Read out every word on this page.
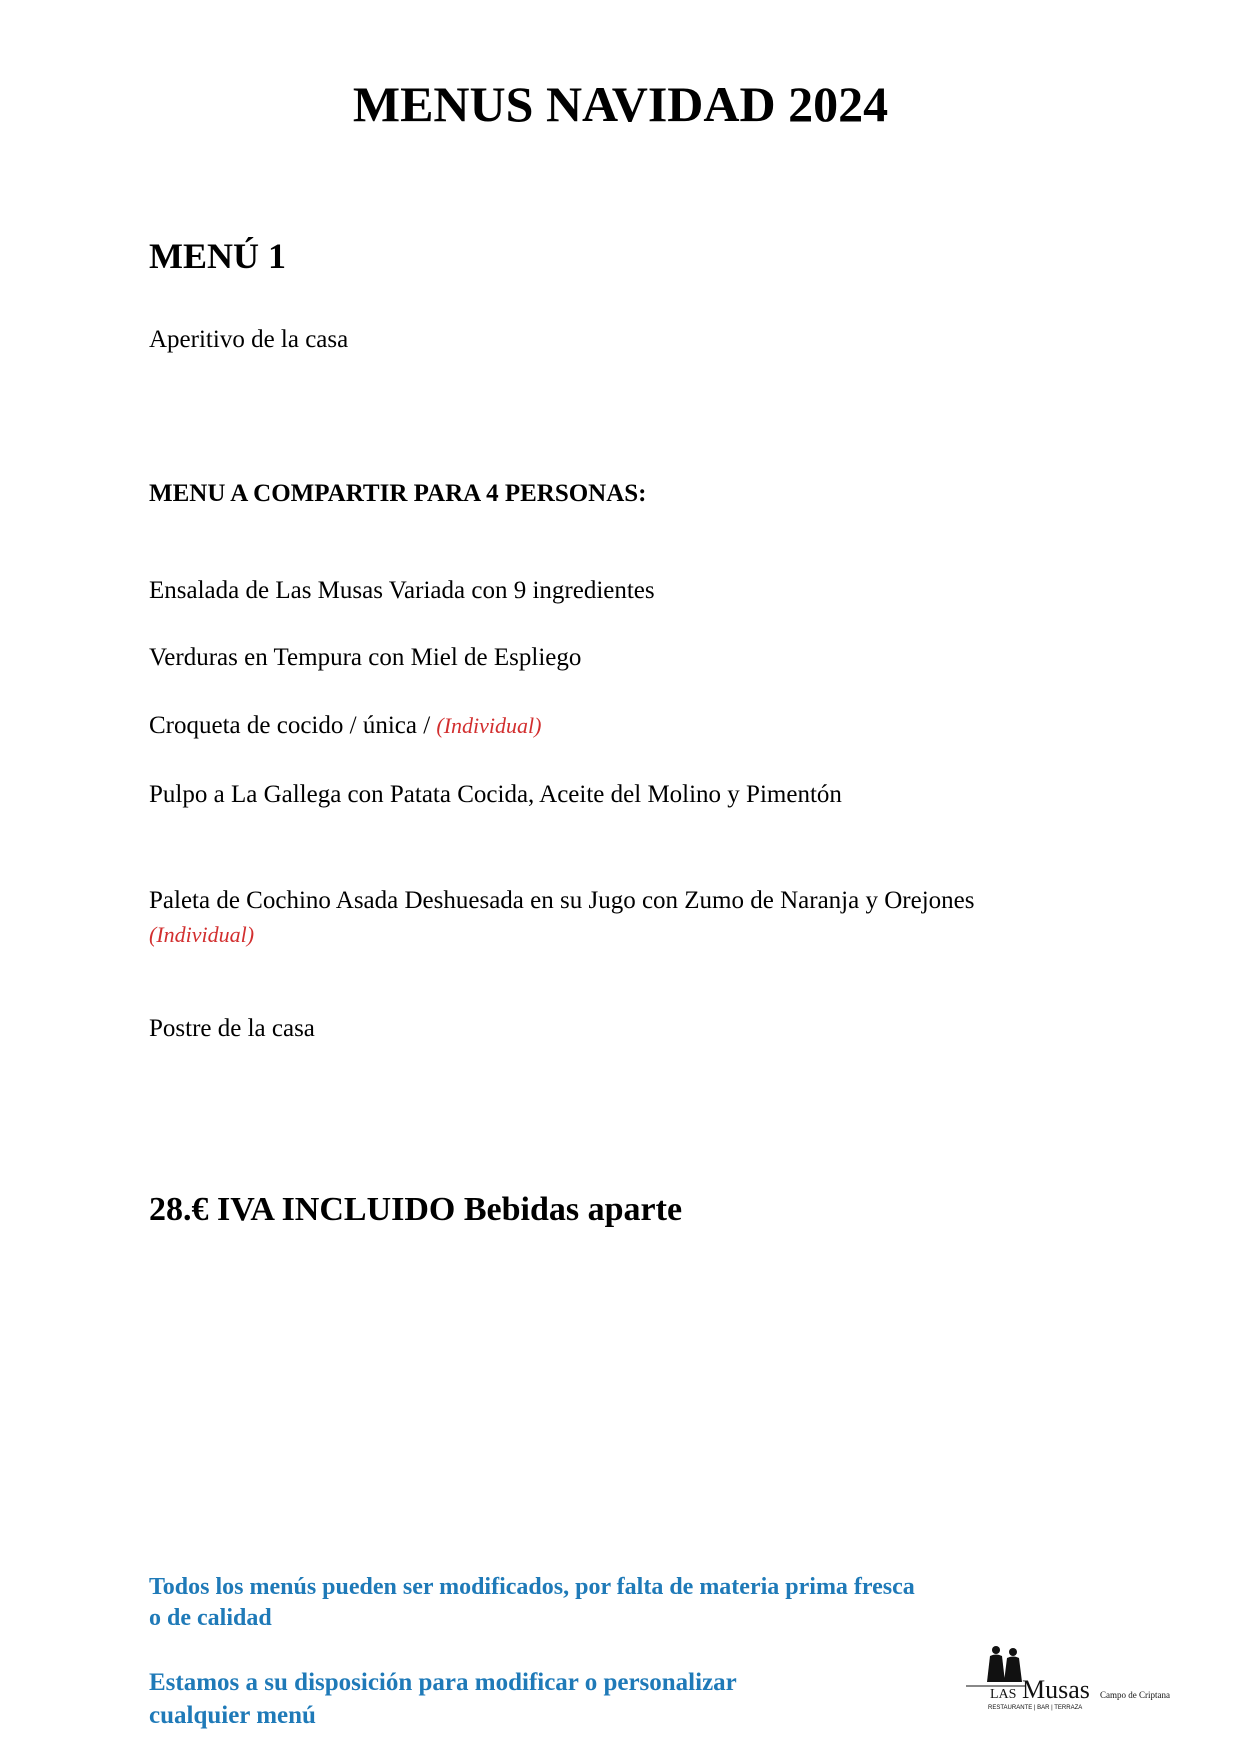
MENUS NAVIDAD 2024
MENÚ 1

Aperitivo de la casa

MENU A COMPARTIR PARA 4 PERSONAS:

Ensalada de Las Musas Variada con 9 ingredientes

Verduras en Tempura con Miel de Espliego

Croqueta de cocido / única / (Individual)

Pulpo a La Gallega con Patata Cocida, Aceite del Molino y Pimentón

Paleta de Cochino Asada Deshuesada en su Jugo con Zumo de Naranja y Orejones (Individual)

Postre de la casa

28.€ IVA INCLUIDO Bebidas aparte

Todos los menús pueden ser modificados, por falta de materia prima fresca
o de calidad
Estamos a su disposición para modificar o personalizar
cualquier menú
LAS Musas Campo de Criptana
RESTAURANTE | BAR | TERRAZA
